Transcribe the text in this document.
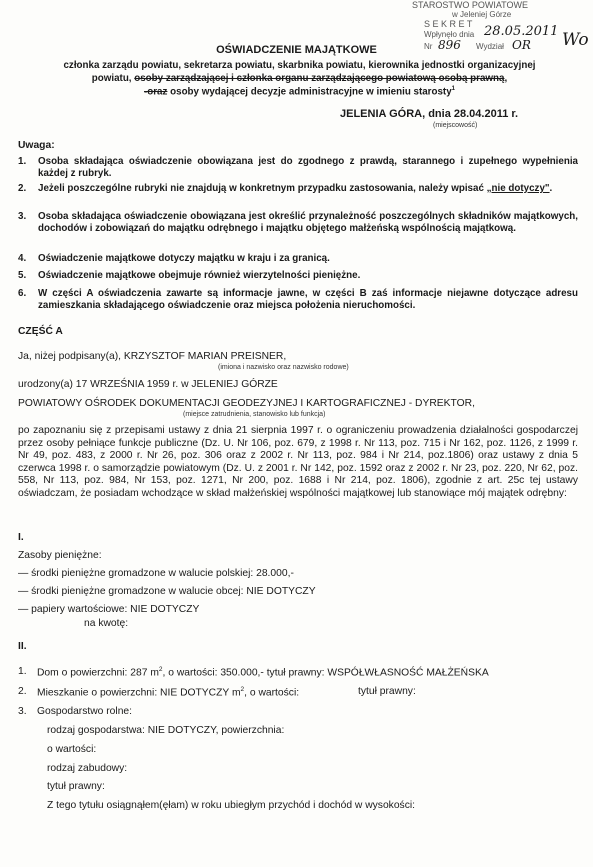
STAROSTWO POWIATOWE
w Jeleniej Górze
S E K R E T
Wpłynęło dnia 28.05.2011
Nr 896 Wydział OR Wo
OŚWIADCZENIE MAJĄTKOWE
członka zarządu powiatu, sekretarza powiatu, skarbnika powiatu, kierownika jednostki organizacyjnej
powiatu, osoby zarządzającej i członka organu zarządzającego powiatową osobą prawną,
-oraz osoby wydającej decyzje administracyjne w imieniu starosty$^1$
JELENIA GÓRA, dnia 28.04.2011 r.
(miejscowość)
Uwaga:
1. Osoba składająca oświadczenie obowiązana jest do zgodnego z prawdą, starannego i zupełnego wypełnienia każdej z rubryk.
2. Jeżeli poszczególne rubryki nie znajdują w konkretnym przypadku zastosowania, należy wpisać „nie dotyczy".
3. Osoba składająca oświadczenie obowiązana jest określić przynależność poszczególnych składników majątkowych, dochodów i zobowiązań do majątku odrębnego i majątku objętego małżeńską wspólnością majątkową.
4. Oświadczenie majątkowe dotyczy majątku w kraju i za granicą.
5. Oświadczenie majątkowe obejmuje również wierzytelności pieniężne.
6. W części A oświadczenia zawarte są informacje jawne, w części B zaś informacje niejawne dotyczące adresu zamieszkania składającego oświadczenie oraz miejsca położenia nieruchomości.
CZĘŚĆ A
Ja, niżej podpisany(a), KRZYSZTOF MARIAN PREISNER,
(imiona i nazwisko oraz nazwisko rodowe)
urodzony(a) 17 WRZEŚNIA 1959 r. w JELENIEJ GÓRZE
POWIATOWY OŚRODEK DOKUMENTACJI GEODEZYJNEJ I KARTOGRAFICZNEJ - DYREKTOR,
(miejsce zatrudnienia, stanowisko lub funkcja)
po zapoznaniu się z przepisami ustawy z dnia 21 sierpnia 1997 r. o ograniczeniu prowadzenia działalności gospodarczej przez osoby pełniące funkcje publiczne (Dz. U. Nr 106, poz. 679, z 1998 r. Nr 113, poz. 715 i Nr 162, poz. 1126, z 1999 r. Nr 49, poz. 483, z 2000 r. Nr 26, poz. 306 oraz z 2002 r. Nr 113, poz. 984 i Nr 214, poz.1806) oraz ustawy z dnia 5 czerwca 1998 r. o samorządzie powiatowym (Dz. U. z 2001 r. Nr 142, poz. 1592 oraz z 2002 r. Nr 23, poz. 220, Nr 62, poz. 558, Nr 113, poz. 984, Nr 153, poz. 1271, Nr 200, poz. 1688 i Nr 214, poz. 1806), zgodnie z art. 25c tej ustawy oświadczam, że posiadam wchodzące w skład małżeńskiej wspólności majątkowej lub stanowiące mój majątek odrębny:
I.
Zasoby pieniężne:
— środki pieniężne gromadzone w walucie polskiej: 28.000,-
— środki pieniężne gromadzone w walucie obcej: NIE DOTYCZY
— papiery wartościowe: NIE DOTYCZY
na kwotę:
II.
1. Dom o powierzchni: 287 $m^2$, o wartości: 350.000,- tytuł prawny: WSPÓŁWŁASNOŚĆ MAŁŻEŃSKA
2. Mieszkanie o powierzchni: NIE DOTYCZY $m^2$, o wartości:	tytuł prawny:
3. Gospodarstwo rolne:
rodzaj gospodarstwa: NIE DOTYCZY, powierzchnia:
o wartości:
rodzaj zabudowy:
tytuł prawny:
Z tego tytułu osiągnąłem(ęłam) w roku ubiegłym przychód i dochód w wysokości:
